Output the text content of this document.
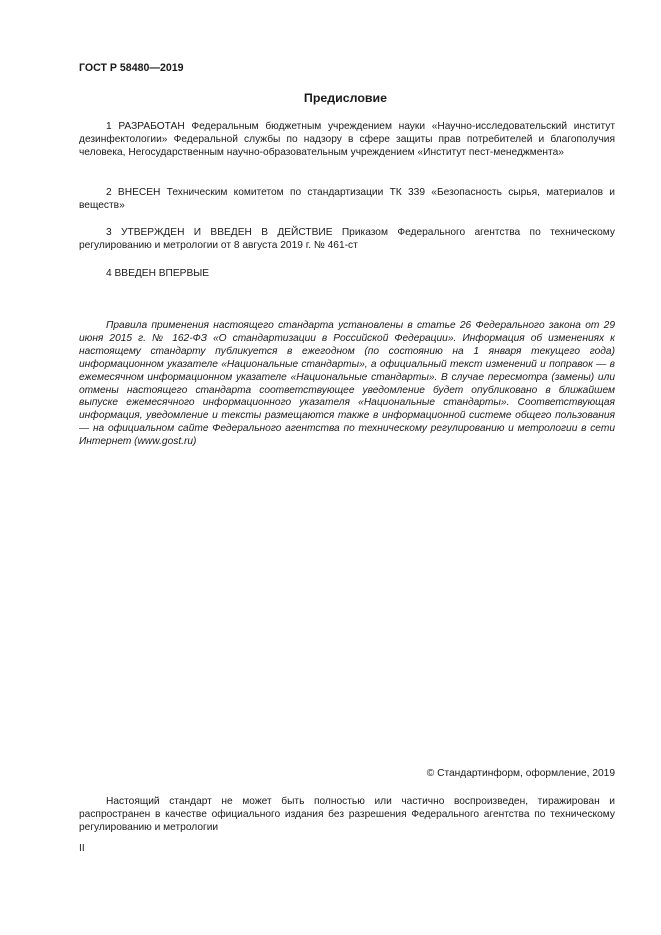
ГОСТ Р 58480—2019
Предисловие

1 РАЗРАБОТАН Федеральным бюджетным учреждением науки «Научно-исследовательский институт дезинфектологии» Федеральной службы по надзору в сфере защиты прав потребителей и благополучия человека, Негосударственным научно-образовательным учреждением «Институт пест-менеджмента»

2 ВНЕСЕН Техническим комитетом по стандартизации ТК 339 «Безопасность сырья, материалов и веществ»

3 УТВЕРЖДЕН И ВВЕДЕН В ДЕЙСТВИЕ Приказом Федерального агентства по техническому регулированию и метрологии от 8 августа 2019 г. № 461-ст

4 ВВЕДЕН ВПЕРВЫЕ

Правила применения настоящего стандарта установлены в статье 26 Федерального закона от 29 июня 2015 г. № 162-ФЗ «О стандартизации в Российской Федерации». Информация об изменениях к настоящему стандарту публикуется в ежегодном (по состоянию на 1 января текущего года) информационном указателе «Национальные стандарты», а официальный текст изменений и поправок — в ежемесячном информационном указателе «Национальные стандарты». В случае пересмотра (замены) или отмены настоящего стандарта соответствующее уведомление будет опубликовано в ближайшем выпуске ежемесячного информационного указателя «Национальные стандарты». Соответствующая информация, уведомление и тексты размещаются также в информационной системе общего пользования — на официальном сайте Федерального агентства по техническому регулированию и метрологии в сети Интернет (www.gost.ru)

© Стандартинформ, оформление, 2019

Настоящий стандарт не может быть полностью или частично воспроизведен, тиражирован и распространен в качестве официального издания без разрешения Федерального агентства по техническому регулированию и метрологии

II
